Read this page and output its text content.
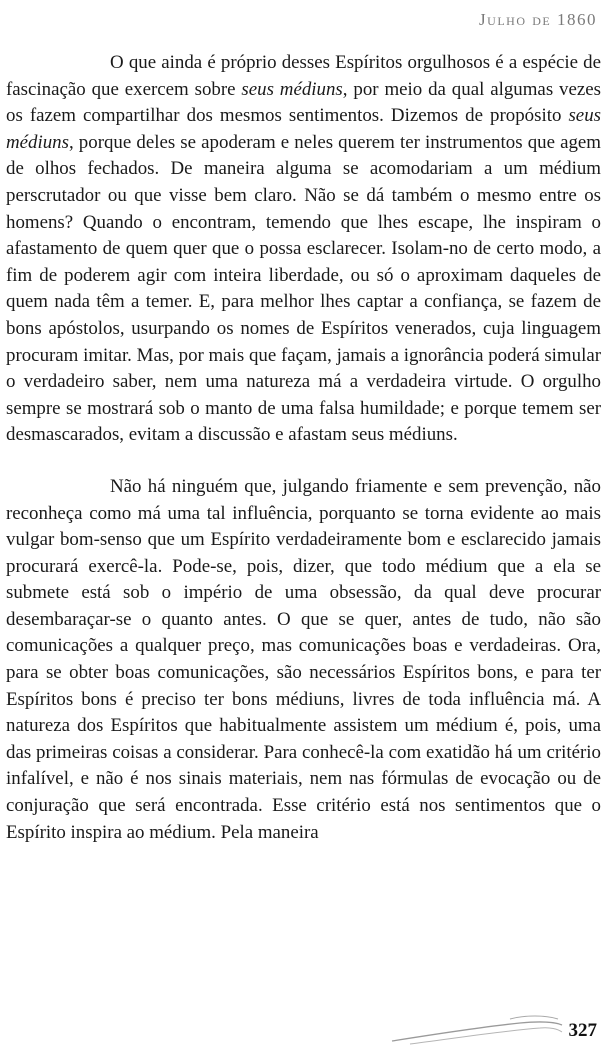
Julho de 1860

O que ainda é próprio desses Espíritos orgulhosos é a espécie de fascinação que exercem sobre seus médiuns, por meio da qual algumas vezes os fazem compartilhar dos mesmos sentimentos. Dizemos de propósito seus médiuns, porque deles se apoderam e neles querem ter instrumentos que agem de olhos fechados. De maneira alguma se acomodariam a um médium perscrutador ou que visse bem claro. Não se dá também o mesmo entre os homens? Quando o encontram, temendo que lhes escape, lhe inspiram o afastamento de quem quer que o possa esclarecer. Isolam-no de certo modo, a fim de poderem agir com inteira liberdade, ou só o aproximam daqueles de quem nada têm a temer. E, para melhor lhes captar a confiança, se fazem de bons apóstolos, usurpando os nomes de Espíritos venerados, cuja linguagem procuram imitar. Mas, por mais que façam, jamais a ignorância poderá simular o verdadeiro saber, nem uma natureza má a verdadeira virtude. O orgulho sempre se mostrará sob o manto de uma falsa humildade; e porque temem ser desmascarados, evitam a discussão e afastam seus médiuns.

Não há ninguém que, julgando friamente e sem prevenção, não reconheça como má uma tal influência, porquanto se torna evidente ao mais vulgar bom-senso que um Espírito verdadeiramente bom e esclarecido jamais procurará exercê-la. Pode-se, pois, dizer, que todo médium que a ela se submete está sob o império de uma obsessão, da qual deve procurar desembaraçar-se o quanto antes. O que se quer, antes de tudo, não são comunicações a qualquer preço, mas comunicações boas e verdadeiras. Ora, para se obter boas comunicações, são necessários Espíritos bons, e para ter Espíritos bons é preciso ter bons médiuns, livres de toda influência má. A natureza dos Espíritos que habitualmente assistem um médium é, pois, uma das primeiras coisas a considerar. Para conhecê-la com exatidão há um critério infalível, e não é nos sinais materiais, nem nas fórmulas de evocação ou de conjuração que será encontrada. Esse critério está nos sentimentos que o Espírito inspira ao médium. Pela maneira

327
